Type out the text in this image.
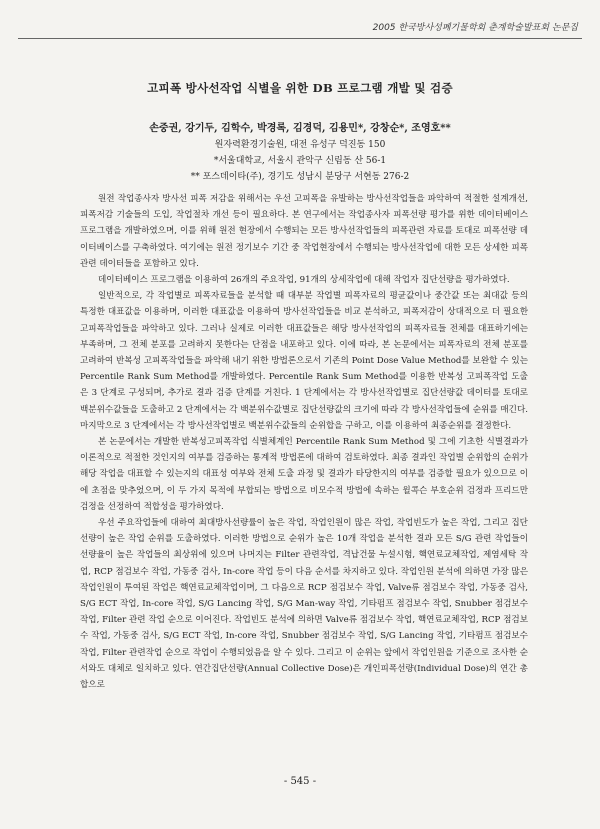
2005 한국방사성폐기물학회 춘계학술발표회 논문집
고피폭 방사선작업 식별을 위한 DB 프로그램 개발 및 검증
손중권, 강기두, 김학수, 박경록, 김경덕, 김용민*, 강창순*, 조영호**
원자력환경기술원, 대전 유성구 덕진동 150
*서울대학교, 서울시 관악구 신림동 산 56-1
** 포스데이타(주), 경기도 성남시 분당구 서현동 276-2

원전 작업종사자 방사선 피폭 저감을 위해서는 우선 고피폭을 유발하는 방사선작업들을 파악하여 적절한 설계개선, 피폭저감 기술들의 도입, 작업절차 개선 등이 필요하다. 본 연구에서는 작업종사자 피폭선량 평가를 위한 데이터베이스 프로그램을 개발하였으며, 이를 위해 원전 현장에서 수행되는 모든 방사선작업들의 피폭관련 자료를 토대로 피폭선량 데이터베이스를 구축하였다. 여기에는 원전 정기보수 기간 중 작업현장에서 수행되는 방사선작업에 대한 모든 상세한 피폭관련 데이터들을 포함하고 있다.

데이터베이스 프로그램을 이용하여 26개의 주요작업, 91개의 상세작업에 대해 작업자 집단선량을 평가하였다.

일반적으로, 각 작업별로 피폭자료들을 분석할 때 대부분 작업별 피폭자료의 평균값이나 중간값 또는 최대값 등의 특정한 대표값을 이용하며, 이러한 대표값을 이용하여 방사선작업들을 비교 분석하고, 피폭저감이 상대적으로 더 필요한 고피폭작업들을 파악하고 있다. 그러나 실제로 이러한 대표값들은 해당 방사선작업의 피폭자료들 전체를 대표하기에는 부족하며, 그 전체 분포를 고려하지 못한다는 단점을 내포하고 있다. 이에 따라, 본 논문에서는 피폭자료의 전체 분포를 고려하여 반복성 고피폭작업들을 파악해 내기 위한 방법론으로서 기존의 Point Dose Value Method를 보완할 수 있는 Percentile Rank Sum Method를 개발하였다. Percentile Rank Sum Method를 이용한 반복성 고피폭작업 도출은 3 단계로 구성되며, 추가로 결과 검증 단계를 거친다. 1 단계에서는 각 방사선작업별로 집단선량값 데이터를 토대로 백분위수값들을 도출하고 2 단계에서는 각 백분위수값별로 집단선량값의 크기에 따라 각 방사선작업들에 순위를 매긴다. 마지막으로 3 단계에서는 각 방사선작업별로 백분위수값들의 순위합을 구하고, 이를 이용하여 최종순위를 결정한다.

본 논문에서는 개발한 반복성고피폭작업 식별체계인 Percentile Rank Sum Method 및 그에 기초한 식별결과가 이론적으로 적절한 것인지의 여부를 검증하는 통계적 방법론에 대하여 검토하였다. 최종 결과인 작업별 순위합의 순위가 해당 작업을 대표할 수 있는지의 대표성 여부와 전체 도출 과정 및 결과가 타당한지의 여부를 검증할 필요가 있으므로 이에 초점을 맞추었으며, 이 두 가지 목적에 부합되는 방법으로 비모수적 방법에 속하는 윌콕슨 부호순위 검정과 프리드만 검정을 선정하여 적합성을 평가하였다.

우선 주요작업들에 대하여 최대방사선량률이 높은 작업, 작업인원이 많은 작업, 작업빈도가 높은 작업, 그리고 집단선량이 높은 작업 순위를 도출하였다. 이러한 방법으로 순위가 높은 10개 작업을 분석한 결과 모든 S/G 관련 작업들이 선량율이 높은 작업들의 최상위에 있으며 나머지는 Filter 관련작업, 격납건물 누설시험, 핵연료교체작업, 제염세탁 작업, RCP 점검보수 작업, 가동중 검사, In-core 작업 등이 다음 순서를 차지하고 있다. 작업인원 분석에 의하면 가장 많은 작업인원이 투여된 작업은 핵연료교체작업이며, 그 다음으로 RCP 점검보수 작업, Valve류 점검보수 작업, 가동중 검사, S/G ECT 작업, In-core 작업, S/G Lancing 작업, S/G Man-way 작업, 기타펌프 점검보수 작업, Snubber 점검보수 작업, Filter 관련 작업 순으로 이어진다. 작업빈도 분석에 의하면 Valve류 점검보수 작업, 핵연료교체작업, RCP 점검보수 작업, 가동중 검사, S/G ECT 작업, In-core 작업, Snubber 점검보수 작업, S/G Lancing 작업, 기타펌프 점검보수 작업, Filter 관련작업 순으로 작업이 수행되었음을 알 수 있다. 그리고 이 순위는 앞에서 작업인원을 기준으로 조사한 순서와도 대체로 일치하고 있다. 연간집단선량(Annual Collective Dose)은 개인피폭선량(Individual Dose)의 연간 총합으로

- 545 -
